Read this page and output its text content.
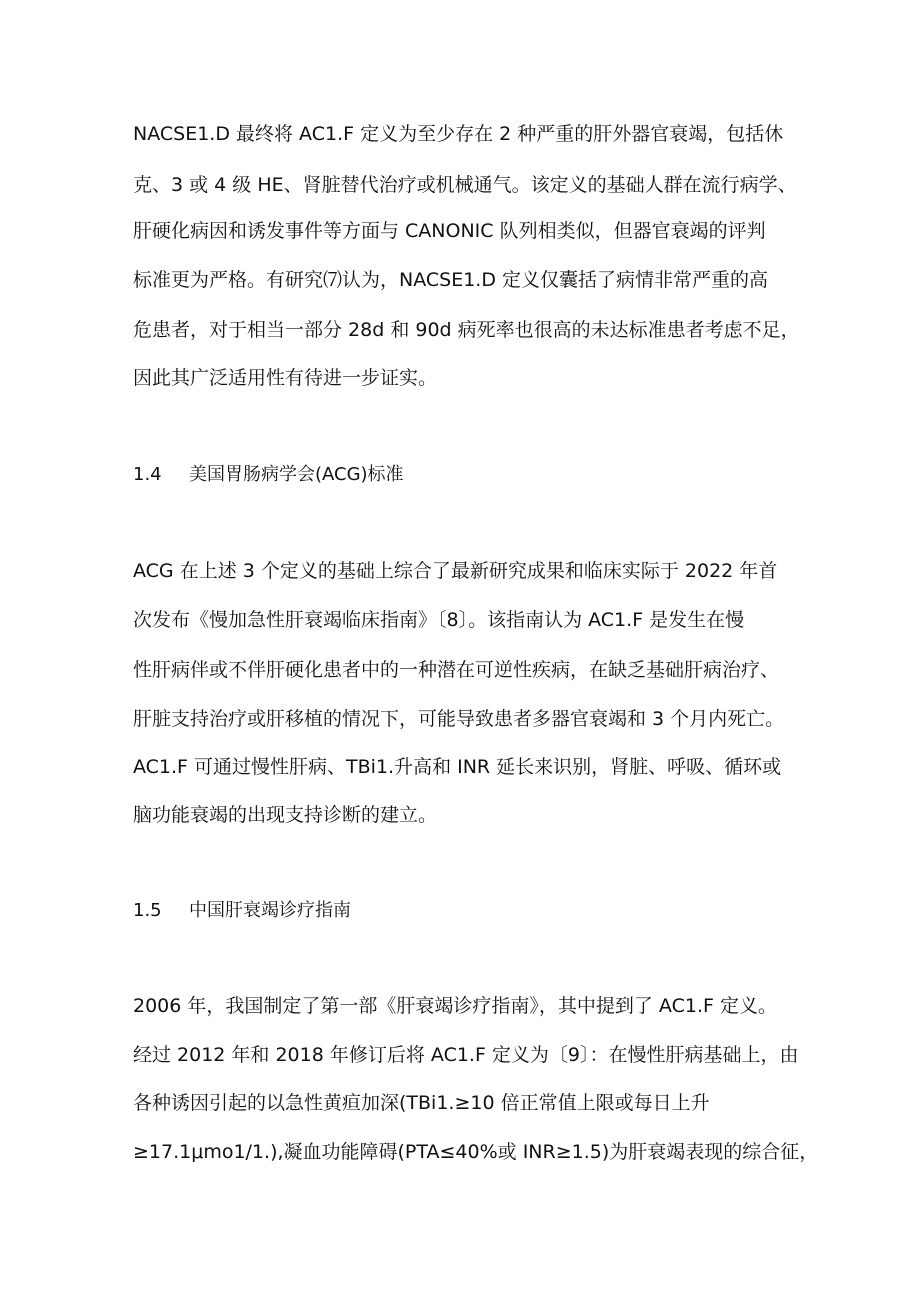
NACSE1.D 最终将 AC1.F 定义为至少存在 2 种严重的肝外器官衰竭，包括休
克、3 或 4 级 HE、肾脏替代治疗或机械通气。该定义的基础人群在流行病学、
肝硬化病因和诱发事件等方面与 CANONIC 队列相类似，但器官衰竭的评判
标准更为严格。有研究⑺认为，NACSE1.D 定义仅囊括了病情非常严重的高
危患者，对于相当一部分 28d 和 90d 病死率也很高的未达标准患者考虑不足，
因此其广泛适用性有待进一步证实。
1.4 美国胃肠病学会(ACG)标准
ACG 在上述 3 个定义的基础上综合了最新研究成果和临床实际于 2022 年首
次发布《慢加急性肝衰竭临床指南》〔8〕。该指南认为 AC1.F 是发生在慢
性肝病伴或不伴肝硬化患者中的一种潜在可逆性疾病，在缺乏基础肝病治疗、
肝脏支持治疗或肝移植的情况下，可能导致患者多器官衰竭和 3 个月内死亡。
AC1.F 可通过慢性肝病、TBi1.升高和 INR 延长来识别，肾脏、呼吸、循环或
脑功能衰竭的出现支持诊断的建立。
1.5 中国肝衰竭诊疗指南
2006 年，我国制定了第一部《肝衰竭诊疗指南》，其中提到了 AC1.F 定义。
经过 2012 年和 2018 年修订后将 AC1.F 定义为〔9〕：在慢性肝病基础上，由
各种诱因引起的以急性黄疸加深(TBi1.≥10 倍正常值上限或每日上升
≥17.1μmo1/1.),凝血功能障碍(PTA≤40%或 INR≥1.5)为肝衰竭表现的综合征，
